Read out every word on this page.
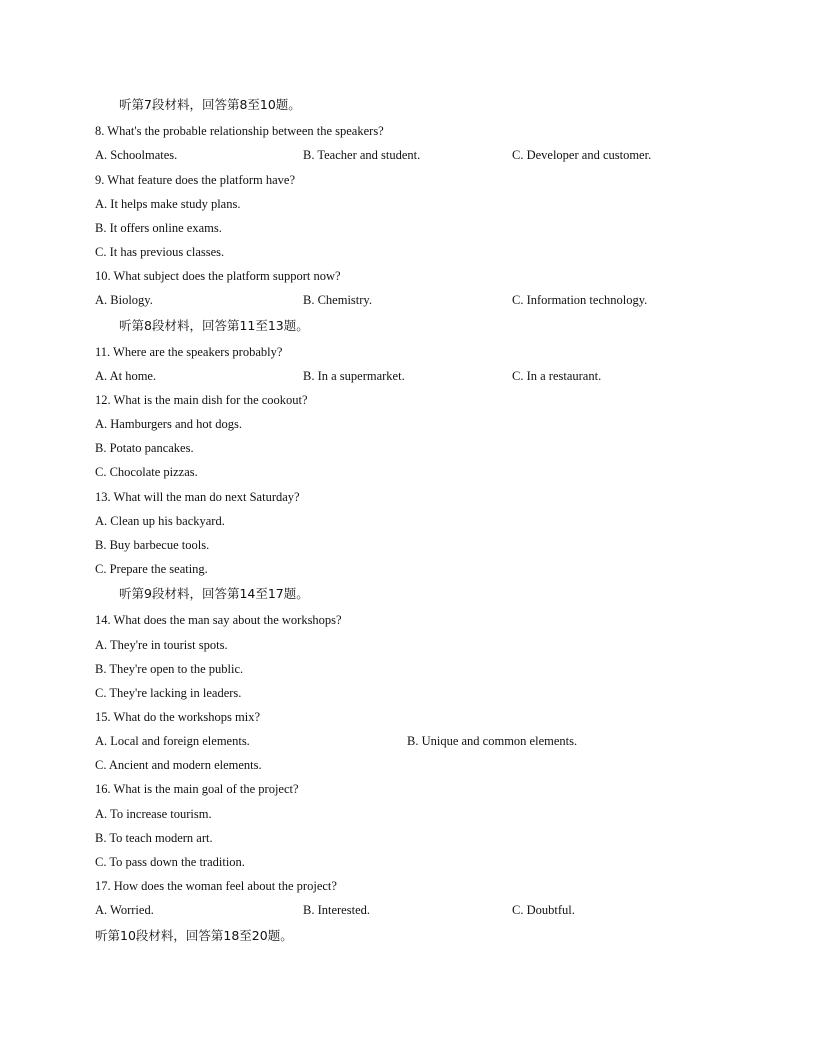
听第7段材料，回答第8至10题。
8. What's the probable relationship between the speakers?
A. Schoolmates.	B. Teacher and student.	C. Developer and customer.
9. What feature does the platform have?
A. It helps make study plans.
B. It offers online exams.
C. It has previous classes.
10. What subject does the platform support now?
A. Biology.	B. Chemistry.	C. Information technology.
听第8段材料，回答第11至13题。
11. Where are the speakers probably?
A. At home.	B. In a supermarket.	C. In a restaurant.
12. What is the main dish for the cookout?
A. Hamburgers and hot dogs.
B. Potato pancakes.
C. Chocolate pizzas.
13. What will the man do next Saturday?
A. Clean up his backyard.
B. Buy barbecue tools.
C. Prepare the seating.
听第9段材料，回答第14至17题。
14. What does the man say about the workshops?
A. They're in tourist spots.
B. They're open to the public.
C. They're lacking in leaders.
15. What do the workshops mix?
A. Local and foreign elements.	B. Unique and common elements.
C. Ancient and modern elements.
16. What is the main goal of the project?
A. To increase tourism.
B. To teach modern art.
C. To pass down the tradition.
17. How does the woman feel about the project?
A. Worried.	B. Interested.	C. Doubtful.
听第10段材料，回答第18至20题。
